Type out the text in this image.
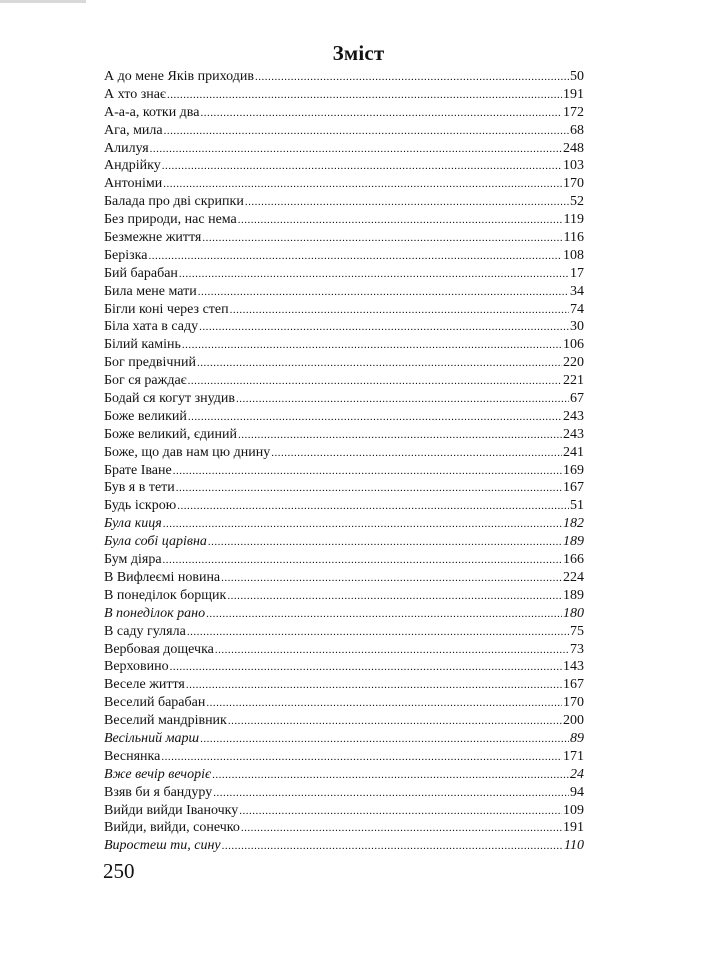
Зміст
А до мене Яків приходив .....	50
А хто знає .....	191
А-а-а, котки два .....	172
Ага, мила .....	68
Алилуя .....	248
Андрійку .....	103
Антоніми .....	170
Балада про дві скрипки .....	52
Без природи, нас нема .....	119
Безмежне життя .....	116
Берізка .....	108
Бий барабан .....	17
Била мене мати .....	34
Бігли коні через степ .....	74
Біла хата в саду .....	30
Білий камінь .....	106
Бог предвічний .....	220
Бог ся раждає .....	221
Бодай ся когут знудив .....	67
Боже великий .....	243
Боже великий, єдиний .....	243
Боже, що дав нам цю днину .....	241
Брате Іване .....	169
Був я в тети .....	167
Будь іскрою .....	51
Була киця .....	182
Була собі царівна .....	189
Бум діяра .....	166
В Вифлеємі новина .....	224
В понеділок борщик .....	189
В понеділок рано .....	180
В саду гуляла .....	75
Вербовая дощечка .....	73
Верховино .....	143
Веселе життя .....	167
Веселий барабан .....	170
Веселий мандрівник .....	200
Весільний марш .....	89
Веснянка .....	171
Вже вечір вечоріє .....	24
Взяв би я бандуру .....	94
Вийди вийди Іваночку .....	109
Вийди, вийди, сонечко .....	191
Виростеш ти, сину .....	110
250
